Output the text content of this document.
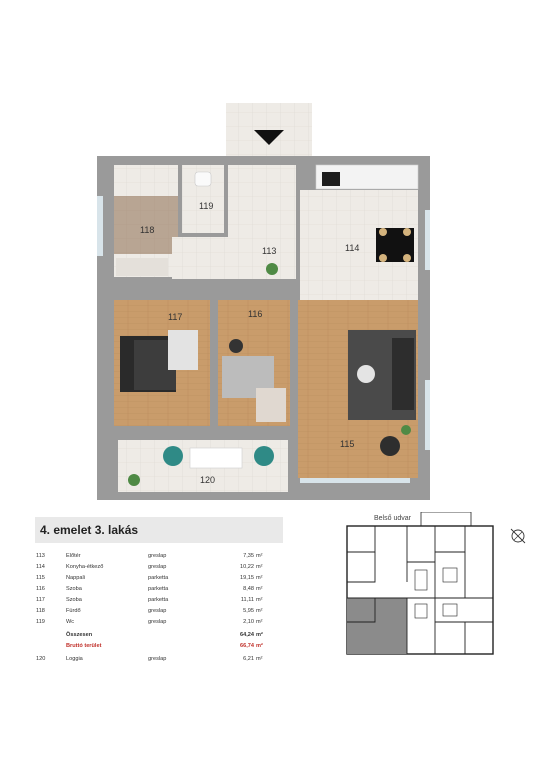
118
119
113	114
117	116
115
120
4. emelet 3. lakás
113	Előtér	greslap	7,35 m²
114	Konyha-étkező	greslap	10,22 m²
115	Nappali	parketta	19,15 m²
116	Szoba	parketta	8,48 m²
117	Szoba	parketta	11,11 m²
118	Fürdő	greslap	5,95 m²
119	Wc	greslap	2,10 m²
Összesen	64,24 m²
Bruttó terület	66,74 m²
120	Loggia	greslap	6,21 m²
Belső udvar
